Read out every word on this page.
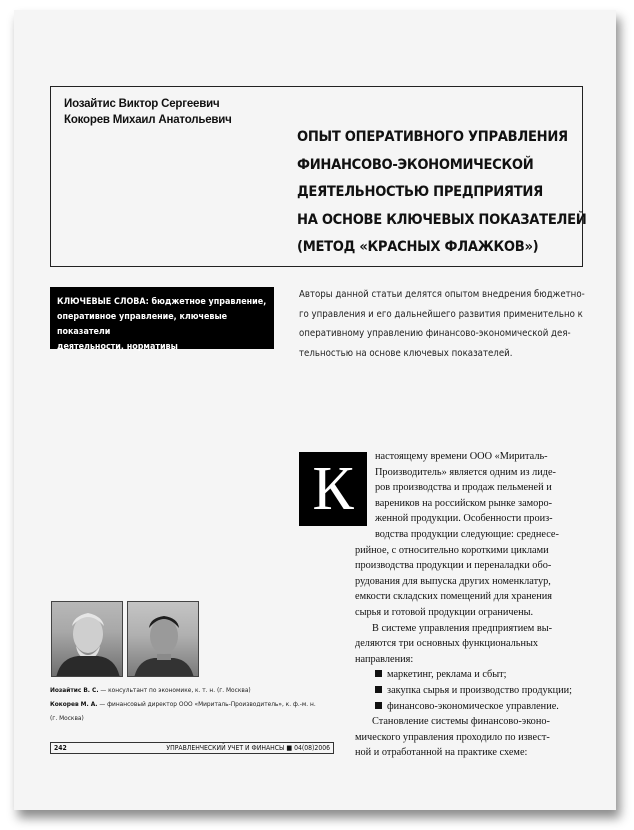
Иозайтис Виктор Сергеевич
Кокорев Михаил Анатольевич
ОПЫТ ОПЕРАТИВНОГО УПРАВЛЕНИЯ
ФИНАНСОВО-ЭКОНОМИЧЕСКОЙ
ДЕЯТЕЛЬНОСТЬЮ ПРЕДПРИЯТИЯ
НА ОСНОВЕ КЛЮЧЕВЫХ ПОКАЗАТЕЛЕЙ
(МЕТОД «КРАСНЫХ ФЛАЖКОВ»)
КЛЮЧЕВЫЕ СЛОВА: бюджетное управление,
оперативное управление, ключевые показатели
деятельности, нормативы
Авторы данной статьи делятся опытом внедрения бюджетно-
го управления и его дальнейшего развития применительно к
оперативному управлению финансово-экономической дея-
тельностью на основе ключевых показателей.
К	настоящему времени ООО «Мириталь-
Производитель» является одним из лиде-
ров производства и продаж пельменей и
вареников на российском рынке заморо-
женной продукции. Особенности произ-
водства продукции следующие: среднесе-
рийное, с относительно короткими циклами
производства продукции и переналадки обо-
рудования для выпуска других номенклатур,
емкости складских помещений для хранения
сырья и готовой продукции ограничены.
В системе управления предприятием вы-
деляются три основных функциональных
направления:
маркетинг, реклама и сбыт;
закупка сырья и производство продукции;
финансово-экономическое управление.
Становление системы финансово-эконо-
мического управления проходило по извест-
ной и отработанной на практике схеме:
Иозайтис В. С. — консультант по экономике, к. т. н. (г. Москва)
Кокорев М. А. — финансовый директор ООО «Мириталь-Производитель», к. ф.-м. н.
(г. Москва)
242	УПРАВЛЕНЧЕСКИЙ УЧЕТ И ФИНАНСЫ ■ 04(08)2006
